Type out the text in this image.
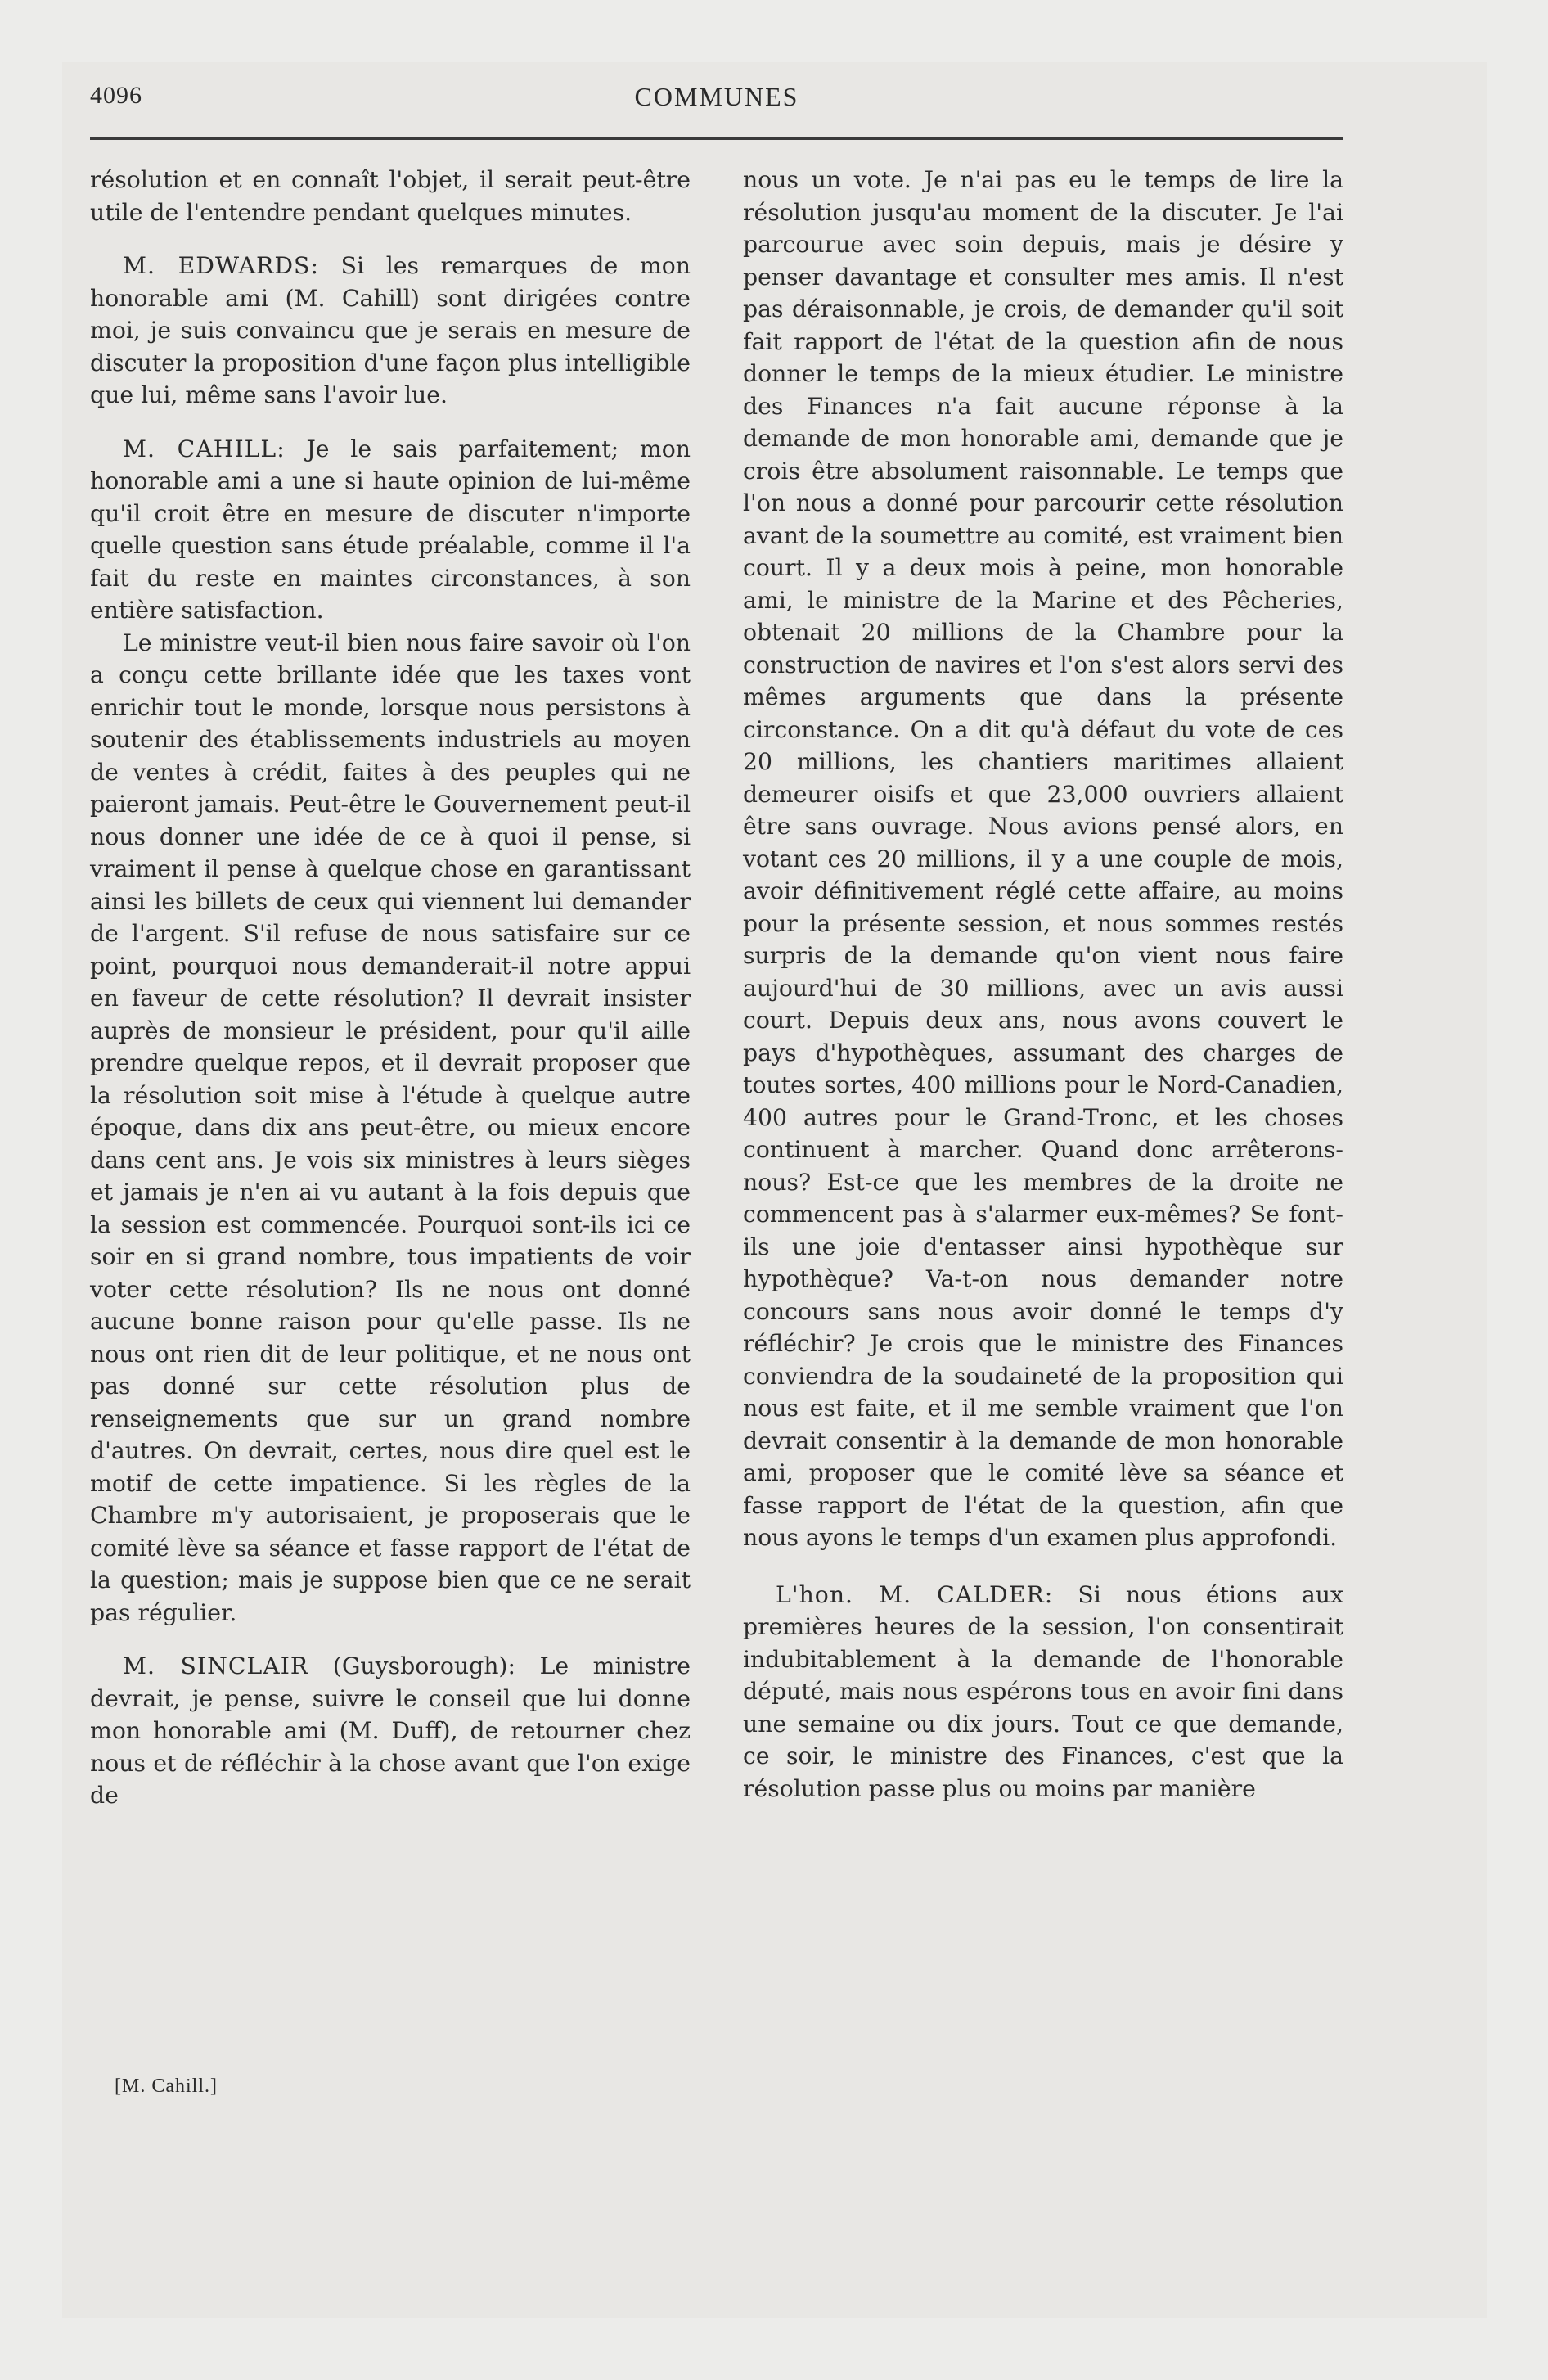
4096	COMMUNES

résolution et en connaît l'objet, il serait peut-être utile de l'entendre pendant quelques minutes.

M. EDWARDS: Si les remarques de mon honorable ami (M. Cahill) sont dirigées contre moi, je suis convaincu que je serais en mesure de discuter la proposition d'une façon plus intelligible que lui, même sans l'avoir lue.

M. CAHILL: Je le sais parfaitement; mon honorable ami a une si haute opinion de lui-même qu'il croit être en mesure de discuter n'importe quelle question sans étude préalable, comme il l'a fait du reste en maintes circonstances, à son entière satisfaction.

Le ministre veut-il bien nous faire savoir où l'on a conçu cette brillante idée que les taxes vont enrichir tout le monde, lorsque nous persistons à soutenir des établissements industriels au moyen de ventes à crédit, faites à des peuples qui ne paieront jamais. Peut-être le Gouvernement peut-il nous donner une idée de ce à quoi il pense, si vraiment il pense à quelque chose en garantissant ainsi les billets de ceux qui viennent lui demander de l'argent. S'il refuse de nous satisfaire sur ce point, pourquoi nous demanderait-il notre appui en faveur de cette résolution? Il devrait insister auprès de monsieur le président, pour qu'il aille prendre quelque repos, et il devrait proposer que la résolution soit mise à l'étude à quelque autre époque, dans dix ans peut-être, ou mieux encore dans cent ans. Je vois six ministres à leurs sièges et jamais je n'en ai vu autant à la fois depuis que la session est commencée. Pourquoi sont-ils ici ce soir en si grand nombre, tous impatients de voir voter cette résolution? Ils ne nous ont donné aucune bonne raison pour qu'elle passe. Ils ne nous ont rien dit de leur politique, et ne nous ont pas donné sur cette résolution plus de renseignements que sur un grand nombre d'autres. On devrait, certes, nous dire quel est le motif de cette impatience. Si les règles de la Chambre m'y autorisaient, je proposerais que le comité lève sa séance et fasse rapport de l'état de la question; mais je suppose bien que ce ne serait pas régulier.

M. SINCLAIR (Guysborough): Le ministre devrait, je pense, suivre le conseil que lui donne mon honorable ami (M. Duff), de retourner chez nous et de réfléchir à la chose avant que l'on exige de

nous un vote. Je n'ai pas eu le temps de lire la résolution jusqu'au moment de la discuter. Je l'ai parcourue avec soin depuis, mais je désire y penser davantage et consulter mes amis. Il n'est pas déraisonnable, je crois, de demander qu'il soit fait rapport de l'état de la question afin de nous donner le temps de la mieux étudier. Le ministre des Finances n'a fait aucune réponse à la demande de mon honorable ami, demande que je crois être absolument raisonnable. Le temps que l'on nous a donné pour parcourir cette résolution avant de la soumettre au comité, est vraiment bien court. Il y a deux mois à peine, mon honorable ami, le ministre de la Marine et des Pêcheries, obtenait 20 millions de la Chambre pour la construction de navires et l'on s'est alors servi des mêmes arguments que dans la présente circonstance. On a dit qu'à défaut du vote de ces 20 millions, les chantiers maritimes allaient demeurer oisifs et que 23,000 ouvriers allaient être sans ouvrage. Nous avions pensé alors, en votant ces 20 millions, il y a une couple de mois, avoir définitivement réglé cette affaire, au moins pour la présente session, et nous sommes restés surpris de la demande qu'on vient nous faire aujourd'hui de 30 millions, avec un avis aussi court. Depuis deux ans, nous avons couvert le pays d'hypothèques, assumant des charges de toutes sortes, 400 millions pour le Nord-Canadien, 400 autres pour le Grand-Tronc, et les choses continuent à marcher. Quand donc arrêterons-nous? Est-ce que les membres de la droite ne commencent pas à s'alarmer eux-mêmes? Se font-ils une joie d'entasser ainsi hypothèque sur hypothèque? Va-t-on nous demander notre concours sans nous avoir donné le temps d'y réfléchir? Je crois que le ministre des Finances conviendra de la soudaineté de la proposition qui nous est faite, et il me semble vraiment que l'on devrait consentir à la demande de mon honorable ami, proposer que le comité lève sa séance et fasse rapport de l'état de la question, afin que nous ayons le temps d'un examen plus approfondi.

L'hon. M. CALDER: Si nous étions aux premières heures de la session, l'on consentirait indubitablement à la demande de l'honorable député, mais nous espérons tous en avoir fini dans une semaine ou dix jours. Tout ce que demande, ce soir, le ministre des Finances, c'est que la résolution passe plus ou moins par manière

[M. Cahill.]
